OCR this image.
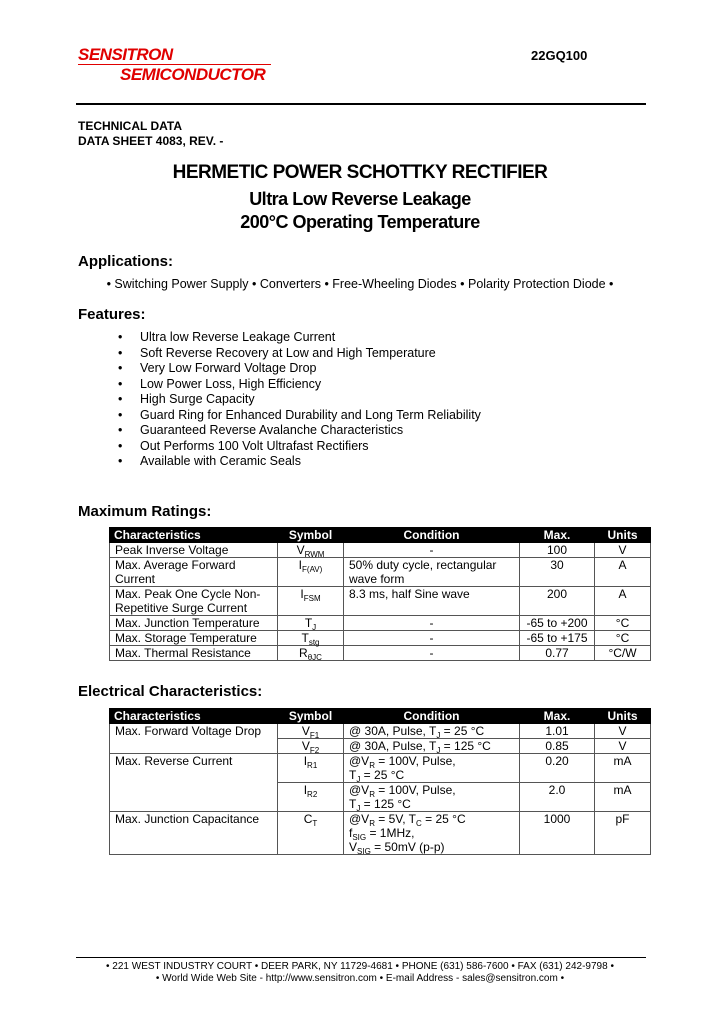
SENSITRON
SEMICONDUCTOR
22GQ100
TECHNICAL DATA
DATA SHEET 4083, REV. -
HERMETIC POWER SCHOTTKY RECTIFIER
Ultra Low Reverse Leakage
200°C Operating Temperature
Applications:
• Switching Power Supply • Converters • Free-Wheeling Diodes • Polarity Protection Diode •
Features:
• Ultra low Reverse Leakage Current
• Soft Reverse Recovery at Low and High Temperature
• Very Low Forward Voltage Drop
• Low Power Loss, High Efficiency
• High Surge Capacity
• Guard Ring for Enhanced Durability and Long Term Reliability
• Guaranteed Reverse Avalanche Characteristics
• Out Performs 100 Volt Ultrafast Rectifiers
• Available with Ceramic Seals
Maximum Ratings:
Characteristics	Symbol	Condition	Max.	Units
Peak Inverse Voltage	$V_{RWM}$	-	100	V
Max. Average Forward Current	$I_{F(AV)}$	50% duty cycle, rectangular wave form	30	A
Max. Peak One Cycle Non-Repetitive Surge Current	$I_{FSM}$	8.3 ms, half Sine wave	200	A
Max. Junction Temperature	$T_J$	-	-65 to +200	°C
Max. Storage Temperature	$T_{stg}$	-	-65 to +175	°C
Max. Thermal Resistance	$R_{\theta JC}$	-	0.77	°C/W
Electrical Characteristics:
Characteristics	Symbol	Condition	Max.	Units
Max. Forward Voltage Drop	$V_{F1}$	@ 30A, Pulse, $T_J = 25$ °C	1.01	V
	$V_{F2}$	@ 30A, Pulse, $T_J = 125$ °C	0.85	V
Max. Reverse Current	$I_{R1}$	$@V_R = 100V$, Pulse,
$T_J = 25$ °C	0.20	mA
	$I_{R2}$	$@V_R = 100V$, Pulse,
$T_J = 125$ °C	2.0	mA
Max. Junction Capacitance	$C_T$	$@V_R = 5V$, $T_C = 25$ °C
$f_{SIG} = 1MHz$,
$V_{SIG} = 50mV$ (p-p)	1000	pF
• 221 WEST INDUSTRY COURT • DEER PARK, NY 11729-4681 • PHONE (631) 586-7600 • FAX (631) 242-9798 •
• World Wide Web Site - http://www.sensitron.com • E-mail Address - sales@sensitron.com •
